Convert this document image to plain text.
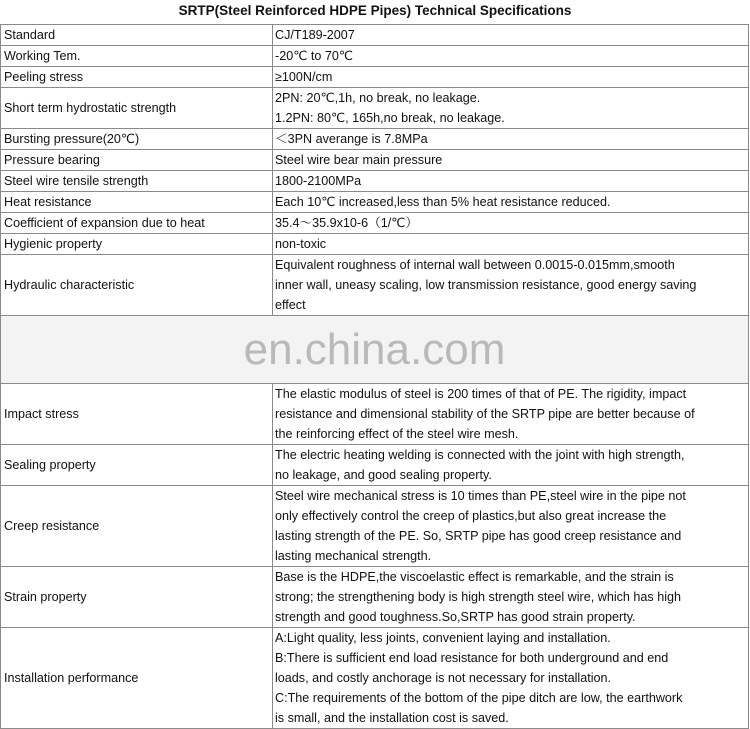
SRTP(Steel Reinforced HDPE Pipes) Technical Specifications
Standard	CJ/T189-2007

Working Tem.	-20℃ to 70℃

Peeling stress	≥100N/cm

Short term hydrostatic strength	2PN: 20℃,1h, no break, no leakage.
1.2PN: 80℃, 165h,no break, no leakage.

Bursting pressure(20℃)	＜3PN averange is 7.8MPa

Pressure bearing	Steel wire bear main pressure

Steel wire tensile strength	1800-2100MPa

Heat resistance	Each 10℃ increased,less than 5% heat resistance reduced.

Coefficient of expansion due to heat	35.4～35.9x10-6（1/℃）

Hygienic property	non-toxic

Hydraulic characteristic	Equivalent roughness of internal wall between 0.0015-0.015mm,smooth
inner wall, uneasy scaling, low transmission resistance, good energy saving
effect

en.china.com	

Impact stress	The elastic modulus of steel is 200 times of that of PE. The rigidity, impact
resistance and dimensional stability of the SRTP pipe are better because of
the reinforcing effect of the steel wire mesh.

Sealing property	The electric heating welding is connected with the joint with high strength,
no leakage, and good sealing property.

Creep resistance	Steel wire mechanical stress is 10 times than PE,steel wire in the pipe not
only effectively control the creep of plastics,but also great increase the
lasting strength of the PE. So, SRTP pipe has good creep resistance and
lasting mechanical strength.

Strain property	Base is the HDPE,the viscoelastic effect is remarkable, and the strain is
strong; the strengthening body is high strength steel wire, which has high
strength and good toughness.So,SRTP has good strain property.

Installation performance	A:Light quality, less joints, convenient laying and installation.
B:There is sufficient end load resistance for both underground and end
loads, and costly anchorage is not necessary for installation.
C:The requirements of the bottom of the pipe ditch are low, the earthwork
is small, and the installation cost is saved.
